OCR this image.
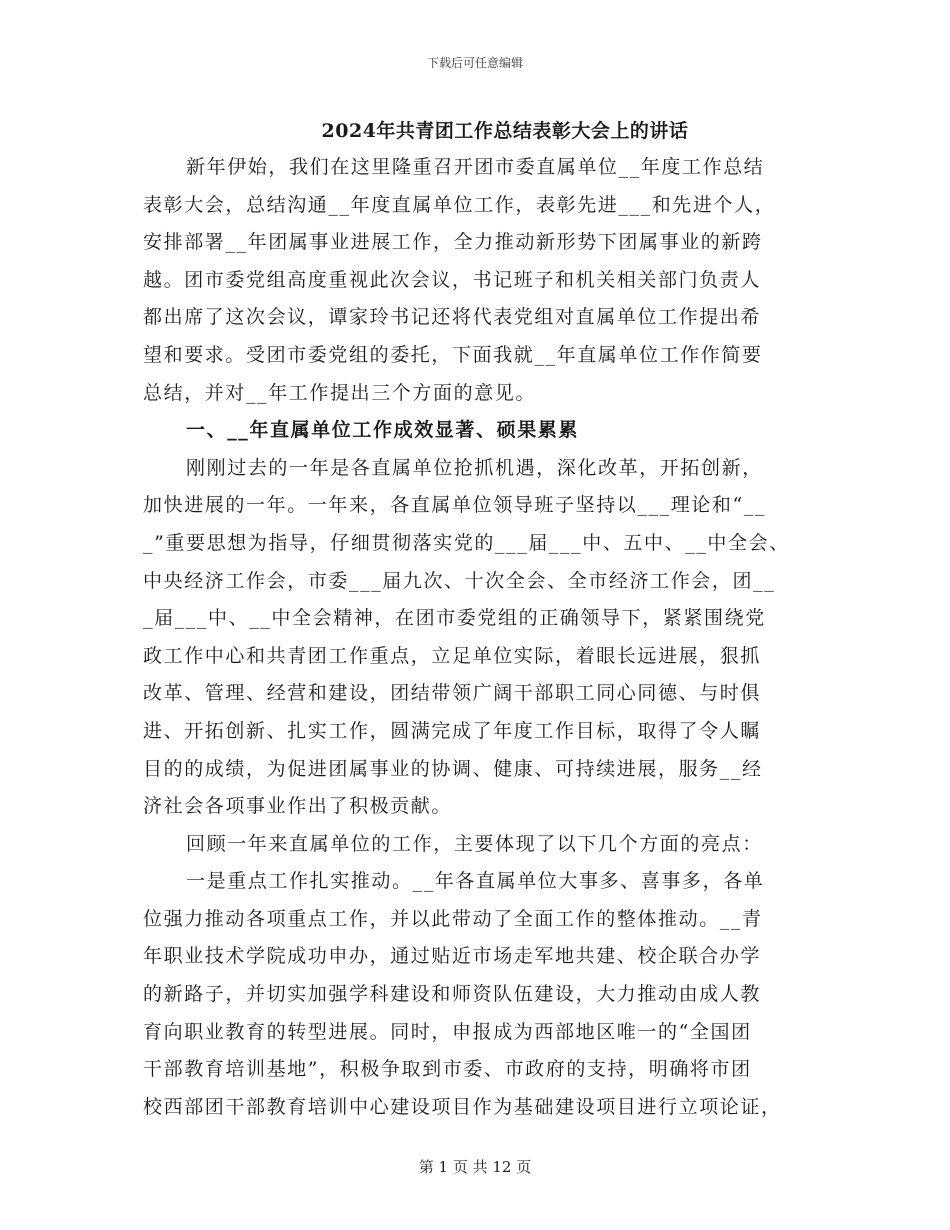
下载后可任意编辑
2024年共青团工作总结表彰大会上的讲话
新年伊始，我们在这里隆重召开团市委直属单位__年度工作总结
表彰大会，总结沟通__年度直属单位工作，表彰先进___和先进个人，
安排部署__年团属事业进展工作，全力推动新形势下团属事业的新跨
越。团市委党组高度重视此次会议，书记班子和机关相关部门负责人
都出席了这次会议，谭家玲书记还将代表党组对直属单位工作提出希
望和要求。受团市委党组的委托，下面我就__年直属单位工作作简要
总结，并对__年工作提出三个方面的意见。
一、__年直属单位工作成效显著、硕果累累
刚刚过去的一年是各直属单位抢抓机遇，深化改革，开拓创新，
加快进展的一年。一年来，各直属单位领导班子坚持以___理论和“__
_”重要思想为指导，仔细贯彻落实党的___届___中、五中、__中全会、
中央经济工作会，市委___届九次、十次全会、全市经济工作会，团__
_届___中、__中全会精神，在团市委党组的正确领导下，紧紧围绕党
政工作中心和共青团工作重点，立足单位实际，着眼长远进展，狠抓
改革、管理、经营和建设，团结带领广阔干部职工同心同德、与时俱
进、开拓创新、扎实工作，圆满完成了年度工作目标，取得了令人瞩
目的的成绩，为促进团属事业的协调、健康、可持续进展，服务__经
济社会各项事业作出了积极贡献。
回顾一年来直属单位的工作，主要体现了以下几个方面的亮点：
一是重点工作扎实推动。__年各直属单位大事多、喜事多，各单
位强力推动各项重点工作，并以此带动了全面工作的整体推动。__青
年职业技术学院成功申办，通过贴近市场走军地共建、校企联合办学
的新路子，并切实加强学科建设和师资队伍建设，大力推动由成人教
育向职业教育的转型进展。同时，申报成为西部地区唯一的“全国团
干部教育培训基地”，积极争取到市委、市政府的支持，明确将市团
校西部团干部教育培训中心建设项目作为基础建设项目进行立项论证，
第 1 页 共 12 页
